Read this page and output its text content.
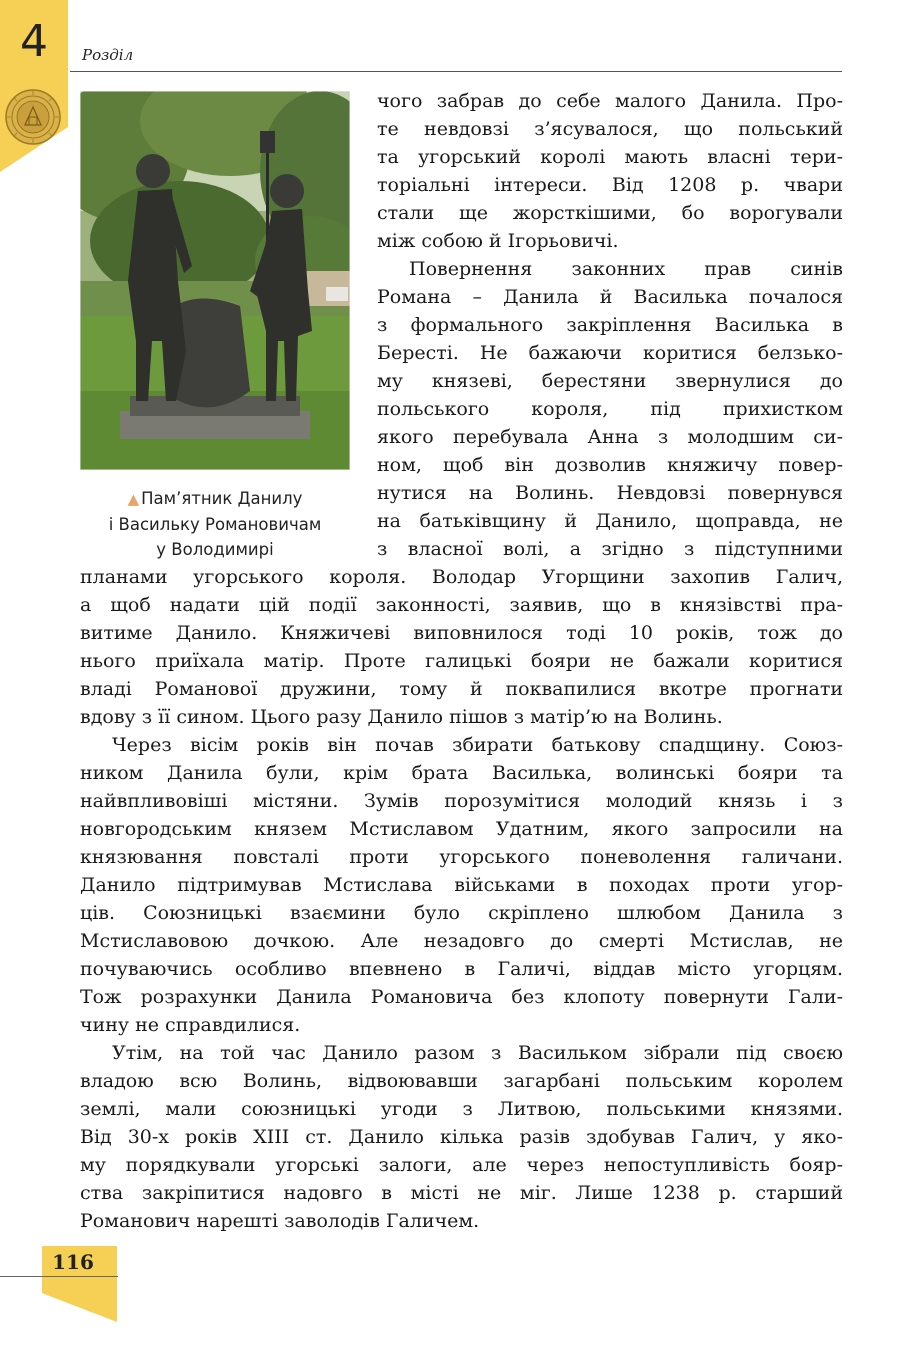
4	Розділ
▲ Пам’ятник Данилу
і Васильку Романовичам
у Володимирі
чого забрав до себе малого Данила. Про-
те невдовзі з’ясувалося, що польський
та угорський королі мають власні тери-
торіальні інтереси. Від 1208 р. чвари
стали ще жорсткішими, бо ворогували
між собою й Ігорьовичі.
Повернення законних прав синів
Романа – Данила й Василька почалося
з формального закріплення Василька в
Бересті. Не бажаючи коритися белзько-
му князеві, берестяни звернулися до
польського короля, під прихистком
якого перебувала Анна з молодшим си-
ном, щоб він дозволив княжичу повер-
нутися на Волинь. Невдовзі повернувся
на батьківщину й Данило, щоправда, не
з власної волі, а згідно з підступними
планами угорського короля. Володар Угорщини захопив Галич,
а щоб надати цій події законності, заявив, що в князівстві пра-
витиме Данило. Княжичеві виповнилося тоді 10 років, тож до
нього приїхала матір. Проте галицькі бояри не бажали коритися
владі Романової дружини, тому й поквапилися вкотре прогнати
вдову з її сином. Цього разу Данило пішов з матір’ю на Волинь.
Через вісім років він почав збирати батькову спадщину. Союз-
ником Данила були, крім брата Василька, волинські бояри та
найвпливовіші містяни. Зумів порозумітися молодий князь і з
новгородським князем Мстиславом Удатним, якого запросили на
князювання повсталі проти угорського поневолення галичани.
Данило підтримував Мстислава військами в походах проти угор-
ців. Союзницькі взаємини було скріплено шлюбом Данила з
Мстиславовою дочкою. Але незадовго до смерті Мстислав, не
почуваючись особливо впевнено в Галичі, віддав місто угорцям.
Тож розрахунки Данила Романовича без клопоту повернути Гали-
чину не справдилися.
Утім, на той час Данило разом з Васильком зібрали під своєю
владою всю Волинь, відвоювавши загарбані польським королем
землі, мали союзницькі угоди з Литвою, польськими князями.
Від 30-х років XIII ст. Данило кілька разів здобував Галич, у яко-
му порядкували угорські залоги, але через непоступливість бояр-
ства закріпитися надовго в місті не міг. Лише 1238 р. старший
Романович нарешті заволодів Галичем.
116
